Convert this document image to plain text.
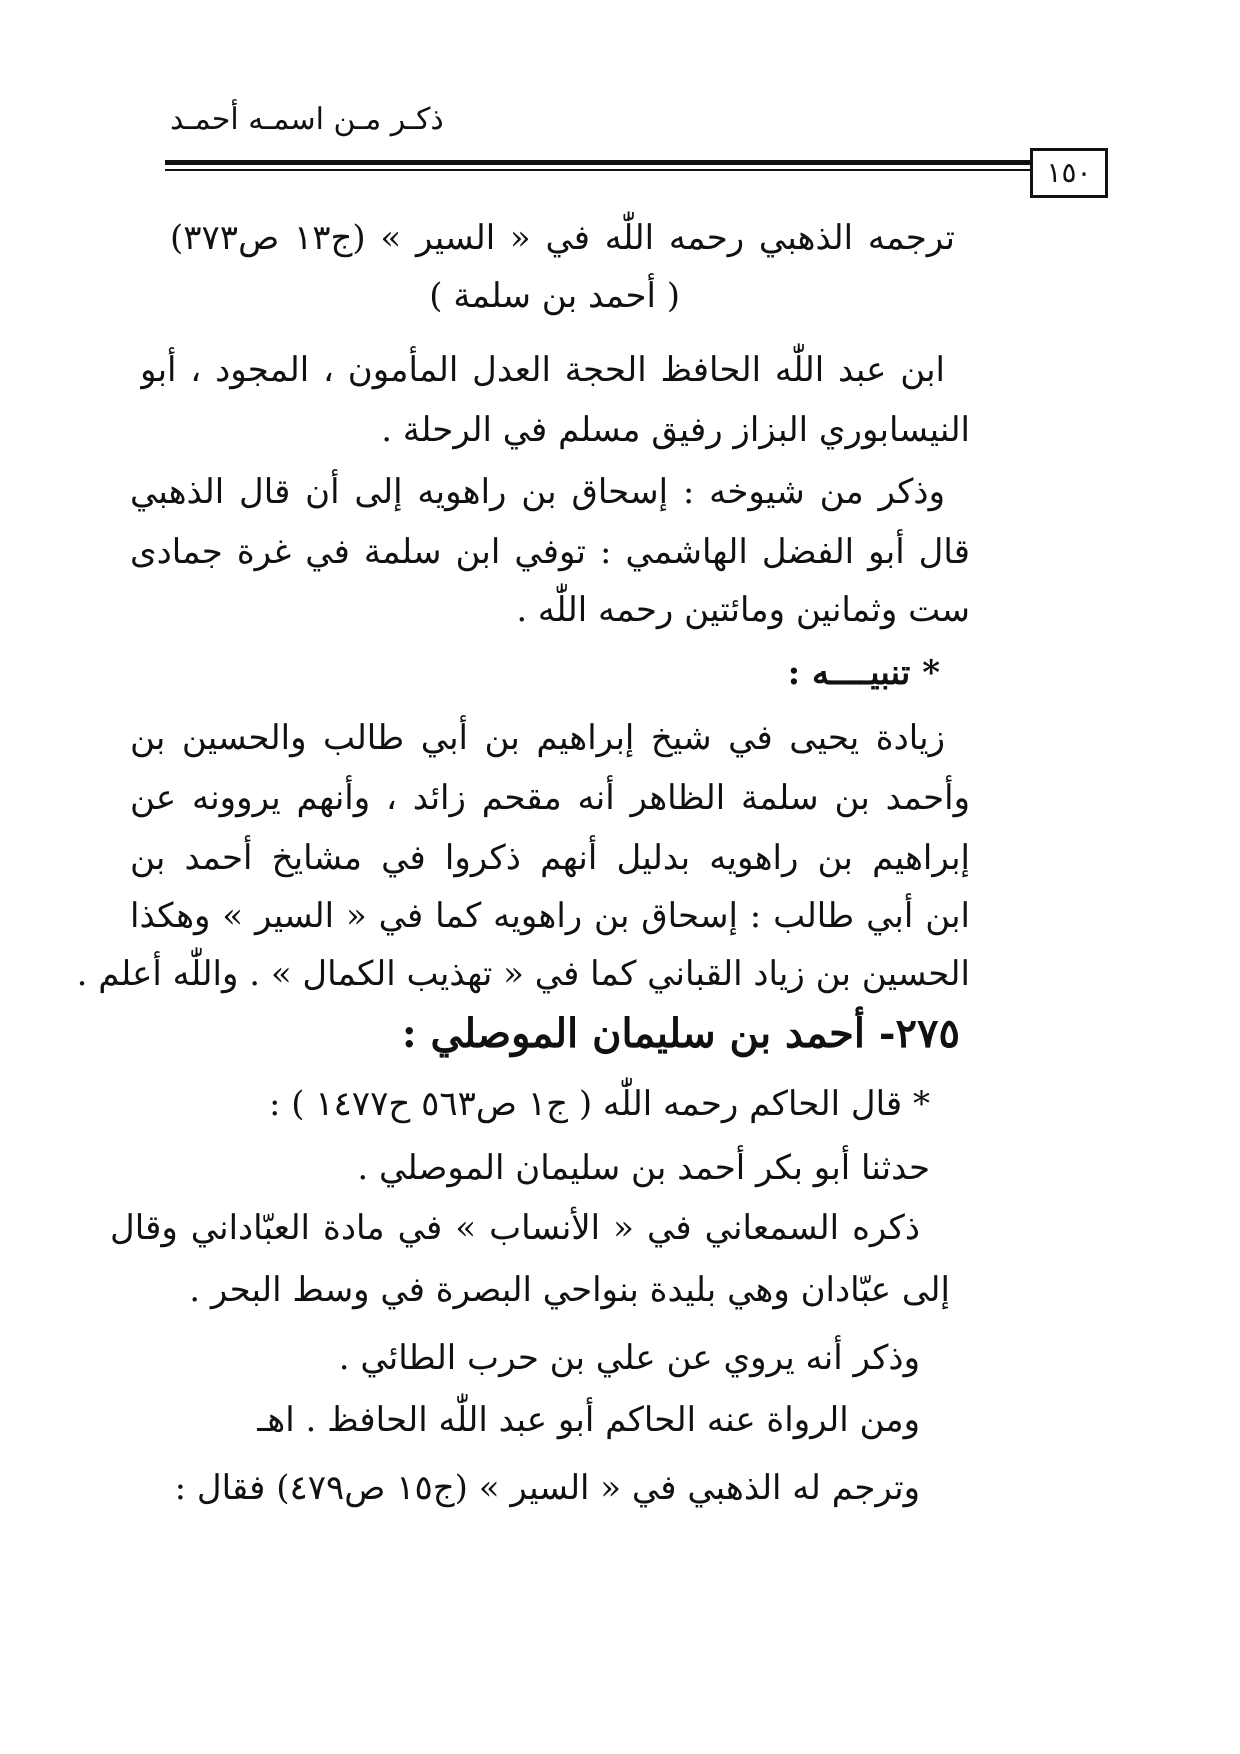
ذكـر مـن اسمـه أحمـد
١٥٠
ترجمه الذهبي رحمه اللّٰه في « السير » (ج١٣ ص٣٧٣)
( أحمد بن سلمة )
ابن عبد اللّٰه الحافظ الحجة العدل المأمون ، المجود ، أبو
النيسابوري البزاز رفيق مسلم في الرحلة .
وذكر من شيوخه : إسحاق بن راهويه إلى أن قال الذهبي
قال أبو الفضل الهاشمي : توفي ابن سلمة في غرة جمادى
ست وثمانين ومائتين رحمه اللّٰه .
* تنبيــــه :
زيادة يحيى في شيخ إبراهيم بن أبي طالب والحسين بن
وأحمد بن سلمة الظاهر أنه مقحم زائد ، وأنهم يروونه عن
إبراهيم بن راهويه بدليل أنهم ذكروا في مشايخ أحمد بن
ابن أبي طالب : إسحاق بن راهويه كما في « السير » وهكذا
الحسين بن زياد القباني كما في « تهذيب الكمال » . واللّٰه أعلم .
٢٧٥- أحمد بن سليمان الموصلي :
* قال الحاكم رحمه اللّٰه ( ج١ ص٥٦٣ ح١٤٧٧ ) :
حدثنا أبو بكر أحمد بن سليمان الموصلي .
ذكره السمعاني في « الأنساب » في مادة العبّاداني وقال
إلى عبّادان وهي بليدة بنواحي البصرة في وسط البحر .
وذكر أنه يروي عن علي بن حرب الطائي .
ومن الرواة عنه الحاكم أبو عبد اللّٰه الحافظ . اهـ
وترجم له الذهبي في « السير » (ج١٥ ص٤٧٩) فقال :
